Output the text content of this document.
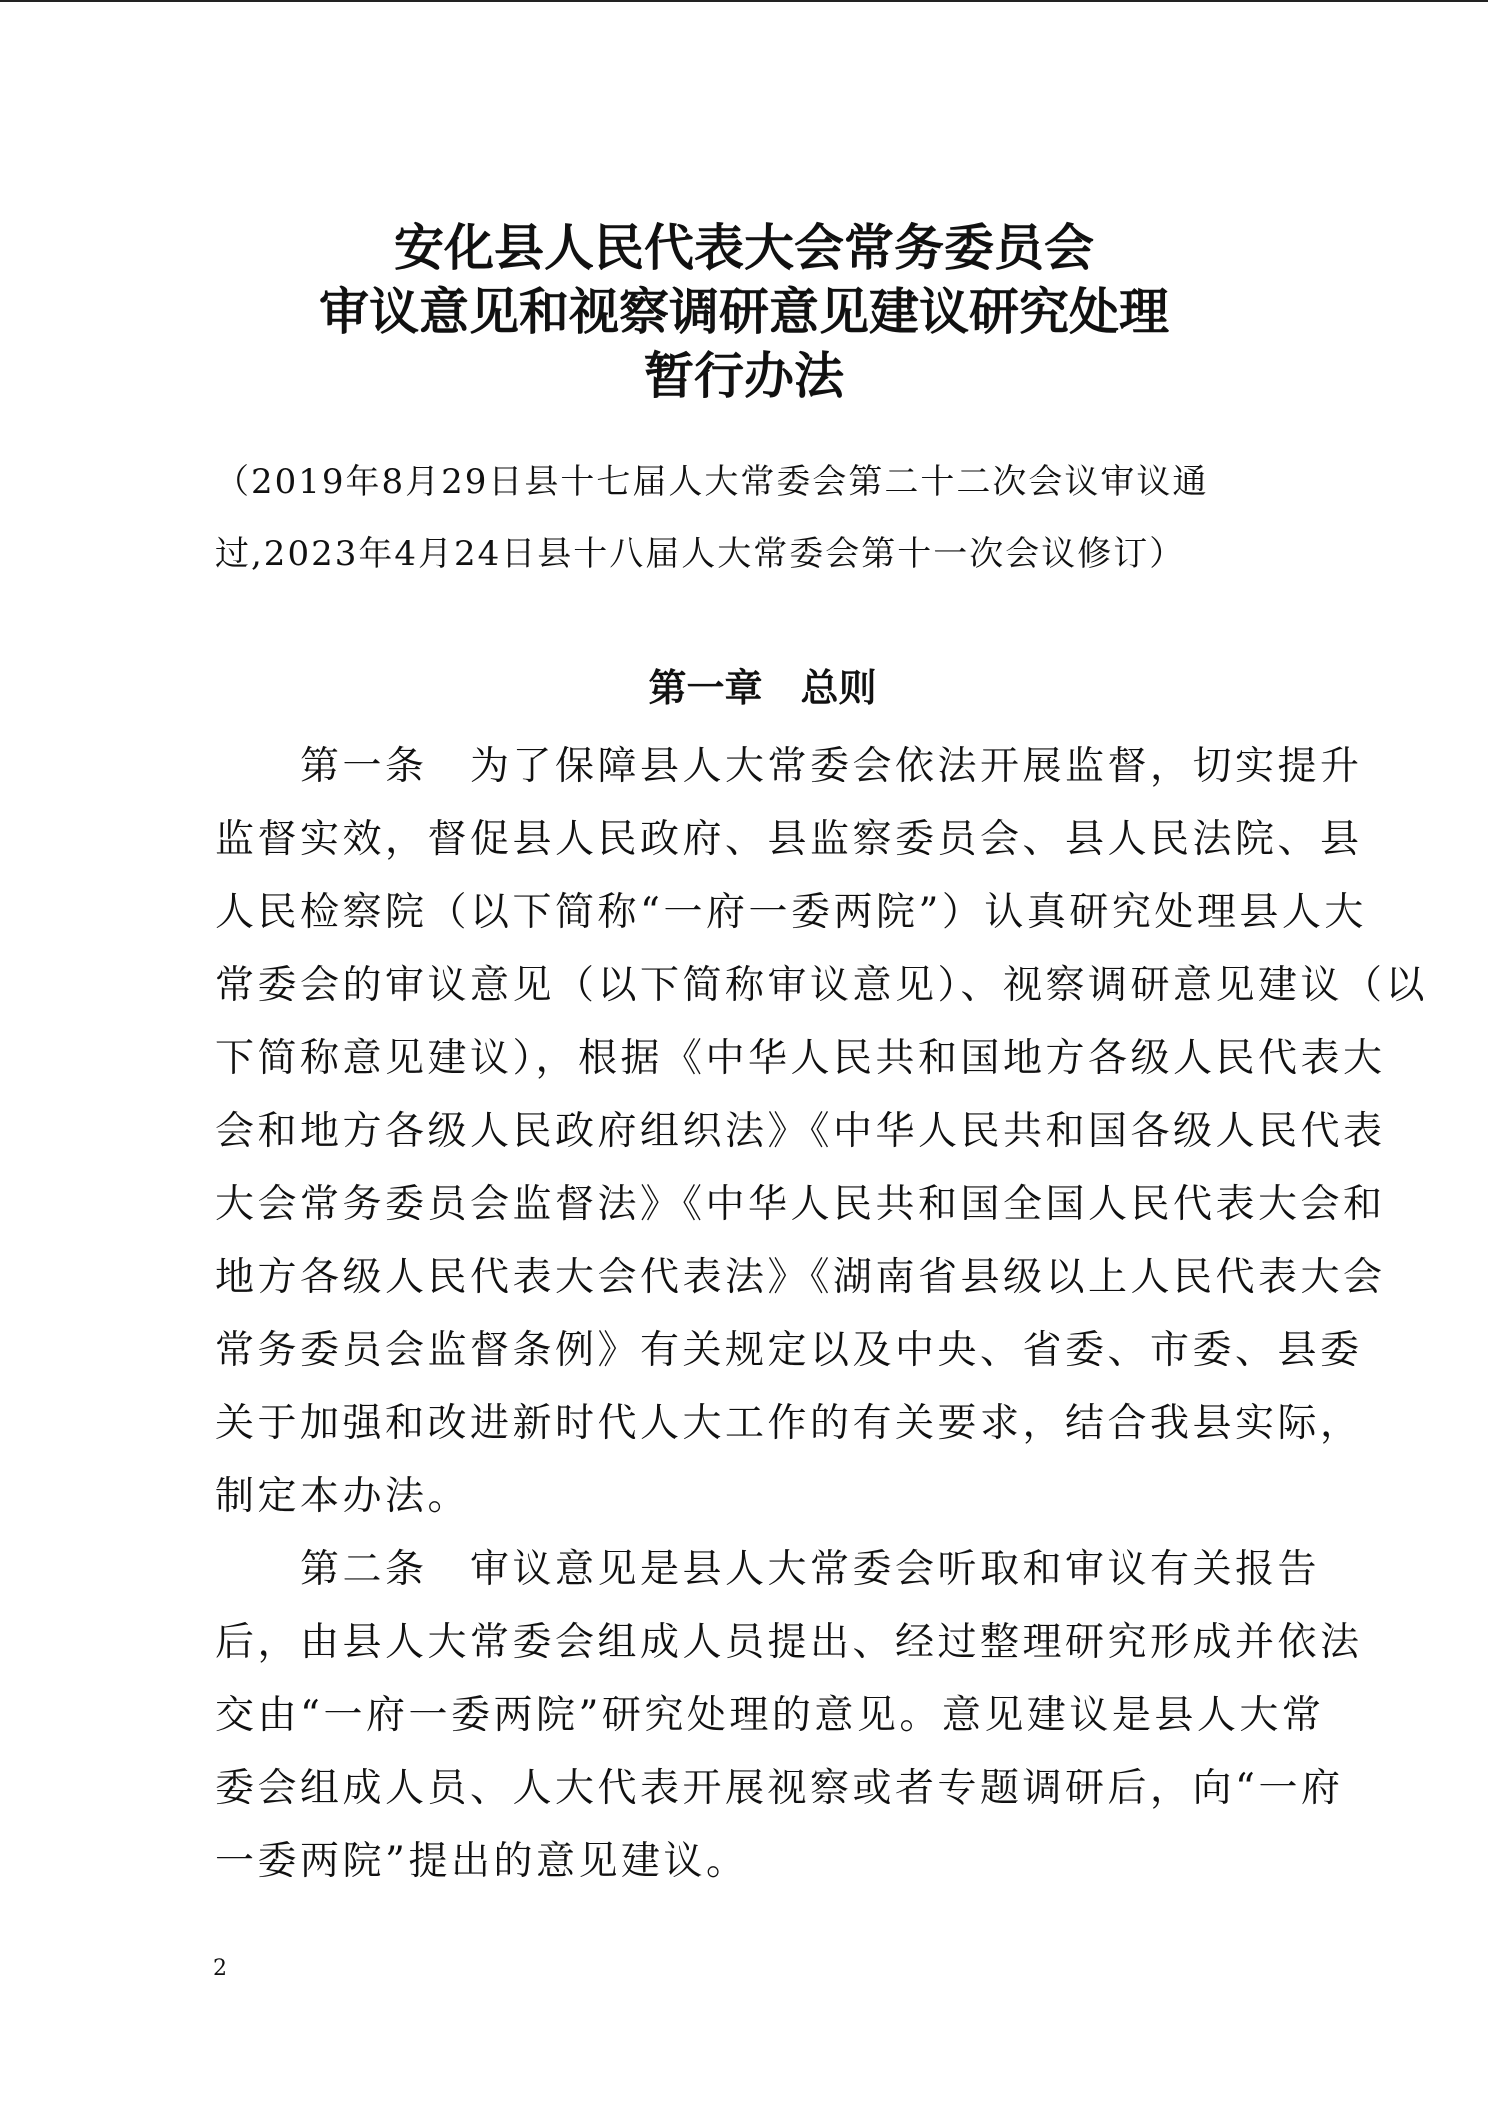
安化县人民代表大会常务委员会
审议意见和视察调研意见建议研究处理
暂行办法
（2019年8月29日县十七届人大常委会第二十二次会议审议通
过,2023年4月24日县十八届人大常委会第十一次会议修订）
第一章　总则
　　第一条　为了保障县人大常委会依法开展监督，切实提升
监督实效，督促县人民政府、县监察委员会、县人民法院、县
人民检察院（以下简称“一府一委两院”）认真研究处理县人大
常委会的审议意见（以下简称审议意见）、视察调研意见建议（以
下简称意见建议），根据《中华人民共和国地方各级人民代表大
会和地方各级人民政府组织法》《中华人民共和国各级人民代表
大会常务委员会监督法》《中华人民共和国全国人民代表大会和
地方各级人民代表大会代表法》《湖南省县级以上人民代表大会
常务委员会监督条例》有关规定以及中央、省委、市委、县委
关于加强和改进新时代人大工作的有关要求，结合我县实际，
制定本办法。
　　第二条　审议意见是县人大常委会听取和审议有关报告
后，由县人大常委会组成人员提出、经过整理研究形成并依法
交由“一府一委两院”研究处理的意见。意见建议是县人大常
委会组成人员、人大代表开展视察或者专题调研后，向“一府
一委两院”提出的意见建议。
2
